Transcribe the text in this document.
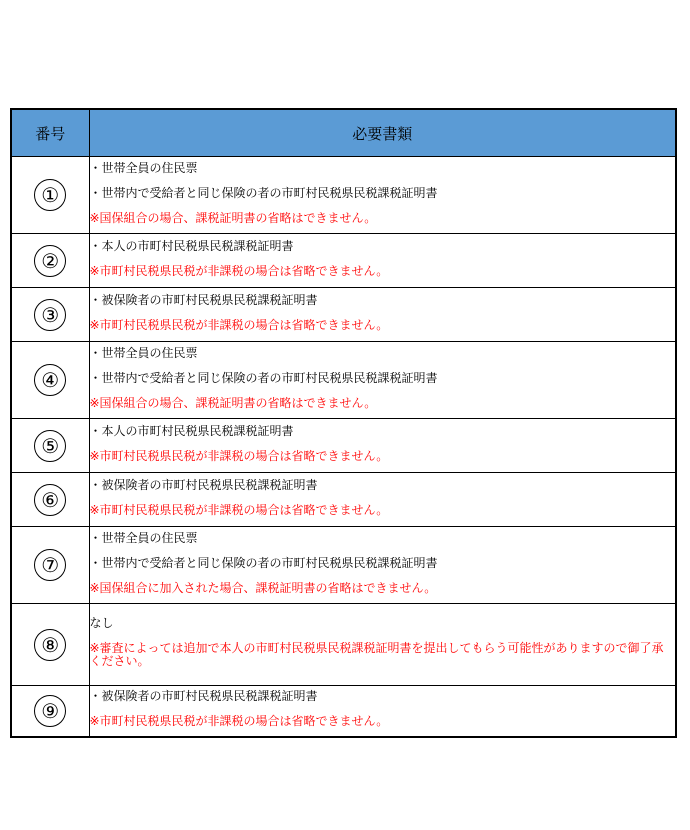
番号	必要書類
①	・世帯全員の住民票
・世帯内で受給者と同じ保険の者の市町村民税県民税課税証明書
※国保組合の場合、課税証明書の省略はできません。

②	・本人の市町村民税県民税課税証明書
※市町村民税県民税が非課税の場合は省略できません。

③	・被保険者の市町村民税県民税課税証明書
※市町村民税県民税が非課税の場合は省略できません。

④	・世帯全員の住民票
・世帯内で受給者と同じ保険の者の市町村民税県民税課税証明書
※国保組合の場合、課税証明書の省略はできません。

⑤	・本人の市町村民税県民税課税証明書
※市町村民税県民税が非課税の場合は省略できません。

⑥	・被保険者の市町村民税県民税課税証明書
※市町村民税県民税が非課税の場合は省略できません。

⑦	・世帯全員の住民票
・世帯内で受給者と同じ保険の者の市町村民税県民税課税証明書
※国保組合に加入された場合、課税証明書の省略はできません。

⑧	なし
※審査によっては追加で本人の市町村民税県民税課税証明書を提出してもらう可能性がありますので御了承ください。

⑨	・被保険者の市町村民税県民税課税証明書
※市町村民税県民税が非課税の場合は省略できません。
